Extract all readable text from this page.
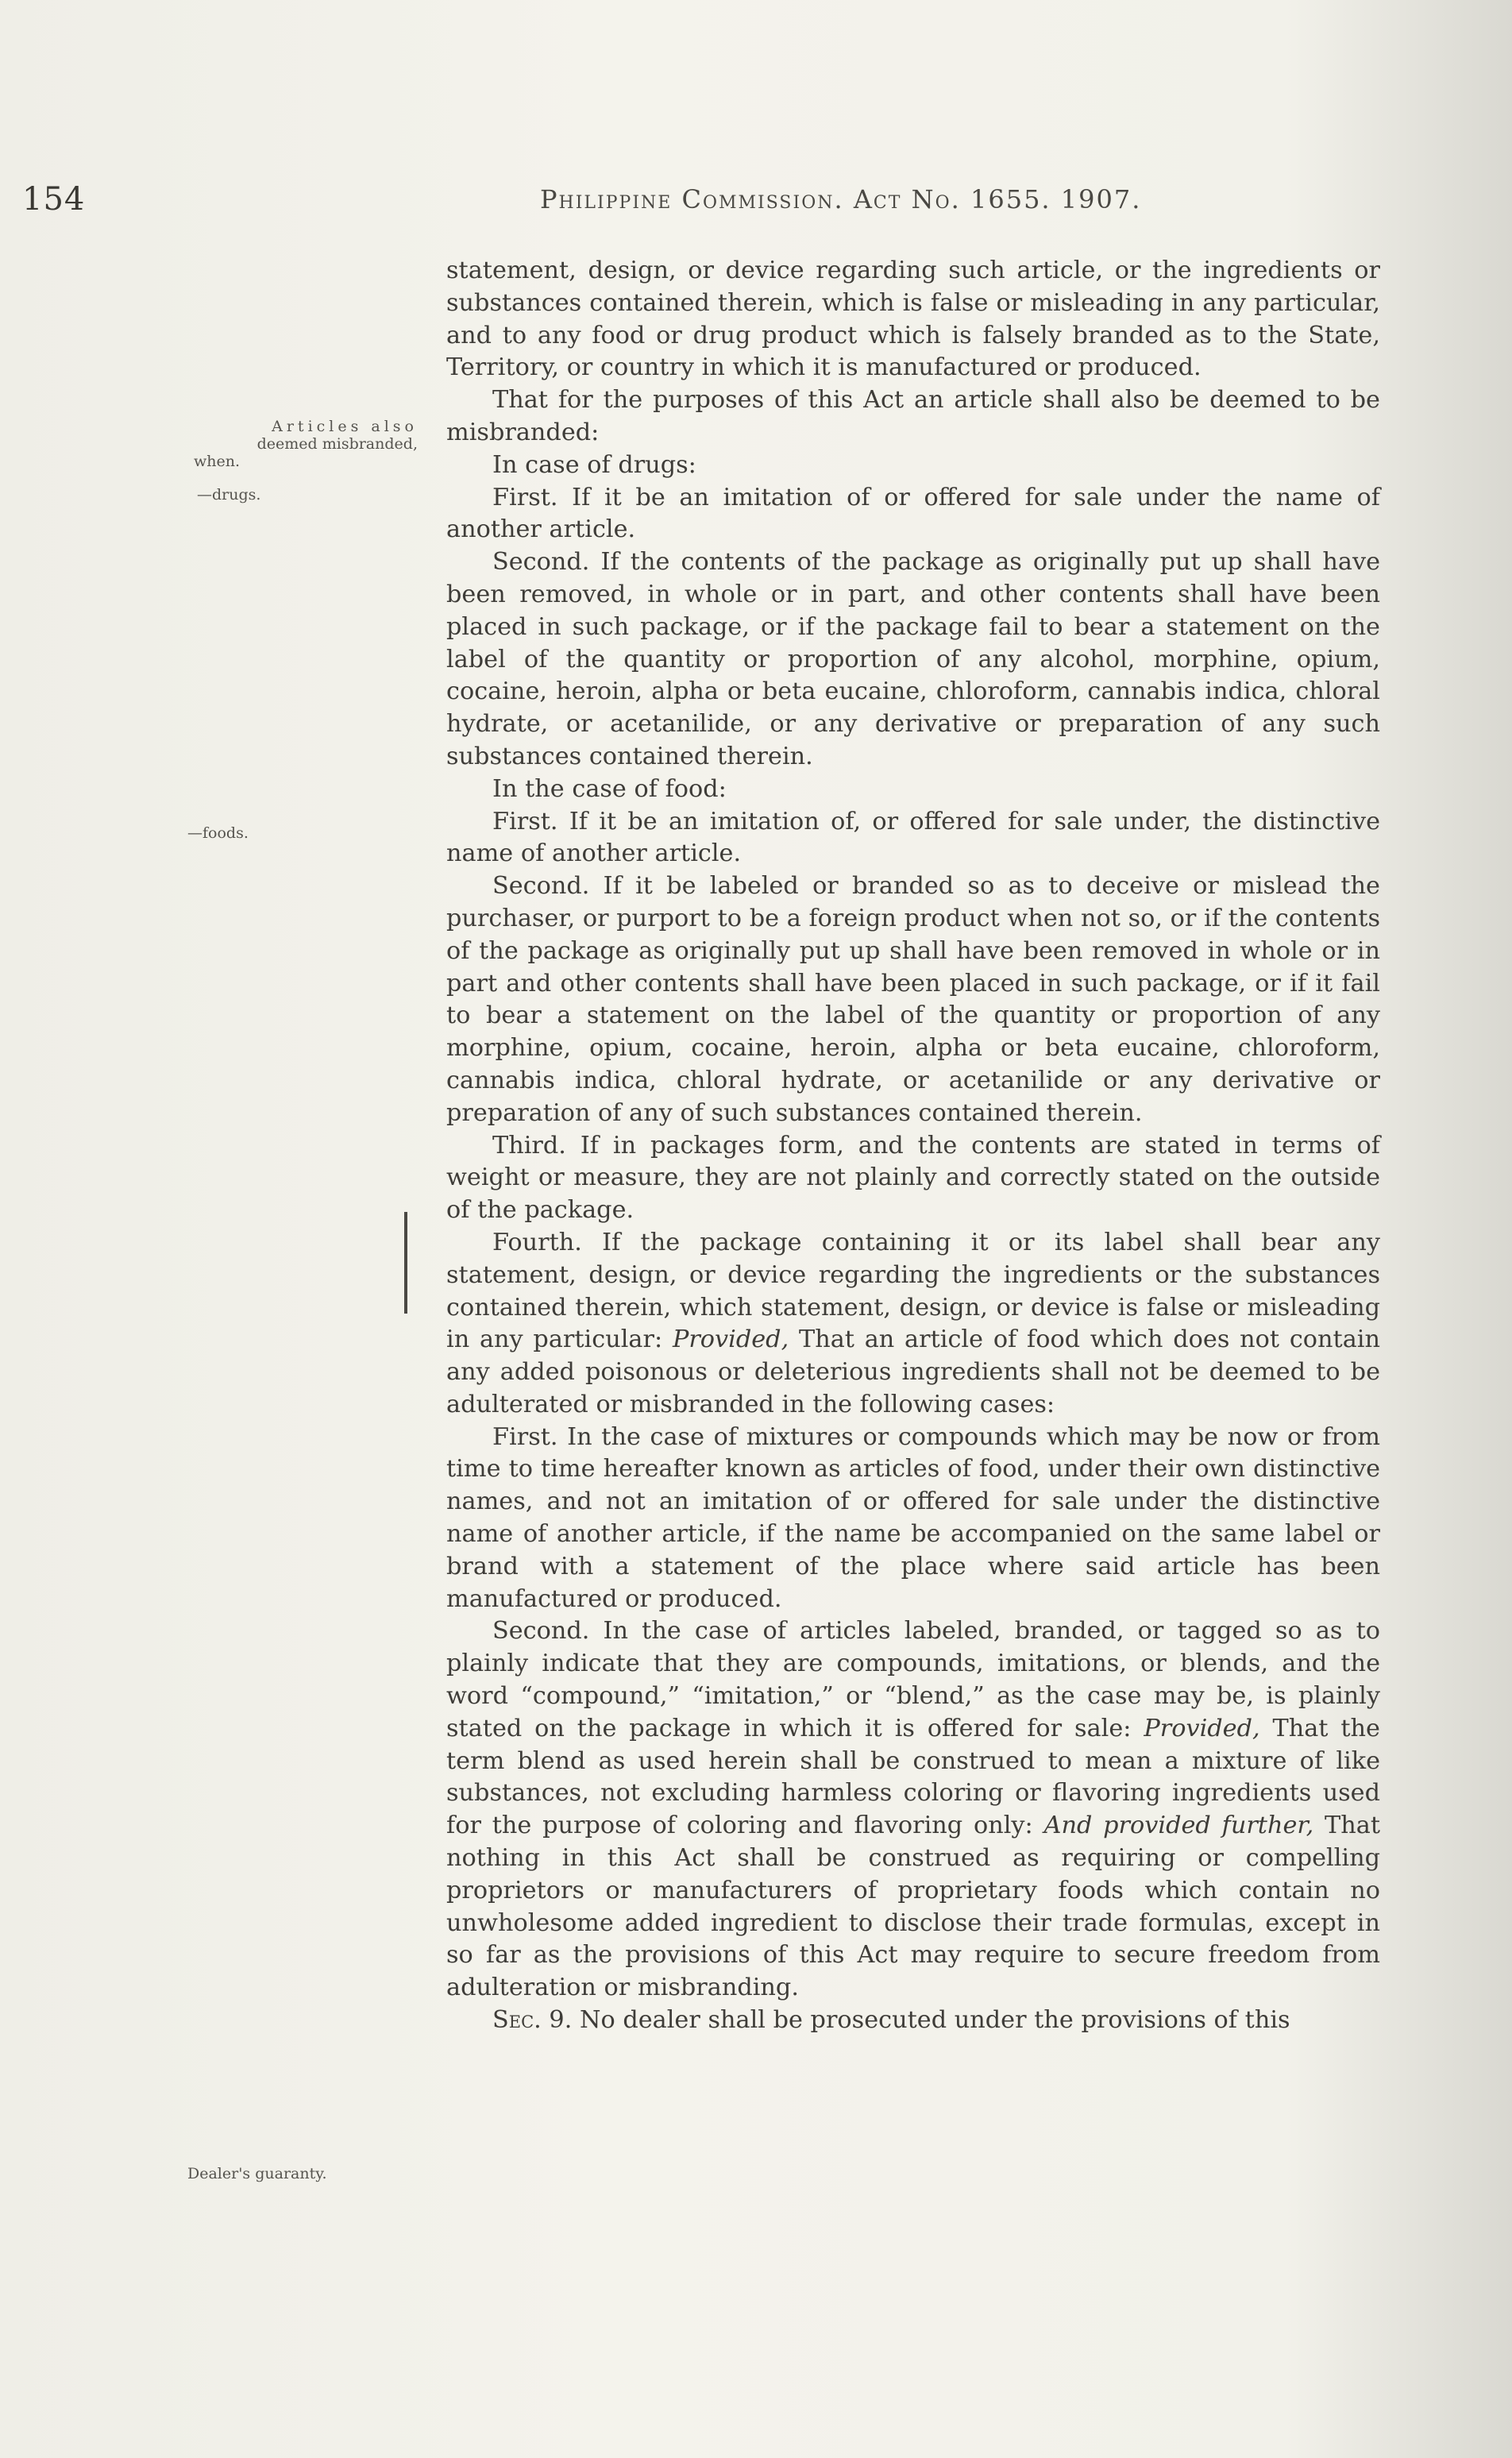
154	Philippine Commission. Act No. 1655. 1907.
Articles also
deemed misbranded,
when.
—drugs.
—foods.
Dealer's guaranty.

statement, design, or device regarding such article, or the ingredients or substances contained therein, which is false or misleading in any particular, and to any food or drug product which is falsely branded as to the State, Territory, or country in which it is manufactured or produced.

That for the purposes of this Act an article shall also be deemed to be misbranded:

In case of drugs:

First. If it be an imitation of or offered for sale under the name of another article.

Second. If the contents of the package as originally put up shall have been removed, in whole or in part, and other contents shall have been placed in such package, or if the package fail to bear a statement on the label of the quantity or proportion of any alcohol, morphine, opium, cocaine, heroin, alpha or beta eucaine, chloroform, cannabis indica, chloral hydrate, or acetanilide, or any derivative or preparation of any such substances contained therein.

In the case of food:

First. If it be an imitation of, or offered for sale under, the distinctive name of another article.

Second. If it be labeled or branded so as to deceive or mislead the purchaser, or purport to be a foreign product when not so, or if the contents of the package as originally put up shall have been removed in whole or in part and other contents shall have been placed in such package, or if it fail to bear a statement on the label of the quantity or proportion of any morphine, opium, cocaine, heroin, alpha or beta eucaine, chloroform, cannabis indica, chloral hydrate, or acetanilide or any derivative or preparation of any of such substances contained therein.

Third. If in packages form, and the contents are stated in terms of weight or measure, they are not plainly and correctly stated on the outside of the package.

Fourth. If the package containing it or its label shall bear any statement, design, or device regarding the ingredients or the substances contained therein, which statement, design, or device is false or misleading in any particular: Provided, That an article of food which does not contain any added poisonous or deleterious ingredients shall not be deemed to be adulterated or misbranded in the following cases:

First. In the case of mixtures or compounds which may be now or from time to time hereafter known as articles of food, under their own distinctive names, and not an imitation of or offered for sale under the distinctive name of another article, if the name be accompanied on the same label or brand with a statement of the place where said article has been manufactured or produced.

Second. In the case of articles labeled, branded, or tagged so as to plainly indicate that they are compounds, imitations, or blends, and the word “compound,” “imitation,” or “blend,” as the case may be, is plainly stated on the package in which it is offered for sale: Provided, That the term blend as used herein shall be construed to mean a mixture of like substances, not excluding harmless coloring or flavoring ingredients used for the purpose of coloring and flavoring only: And provided further, That nothing in this Act shall be construed as requiring or compelling proprietors or manufacturers of proprietary foods which contain no unwholesome added ingredient to disclose their trade formulas, except in so far as the provisions of this Act may require to secure freedom from adulteration or misbranding.

Sec. 9. No dealer shall be prosecuted under the provisions of this
